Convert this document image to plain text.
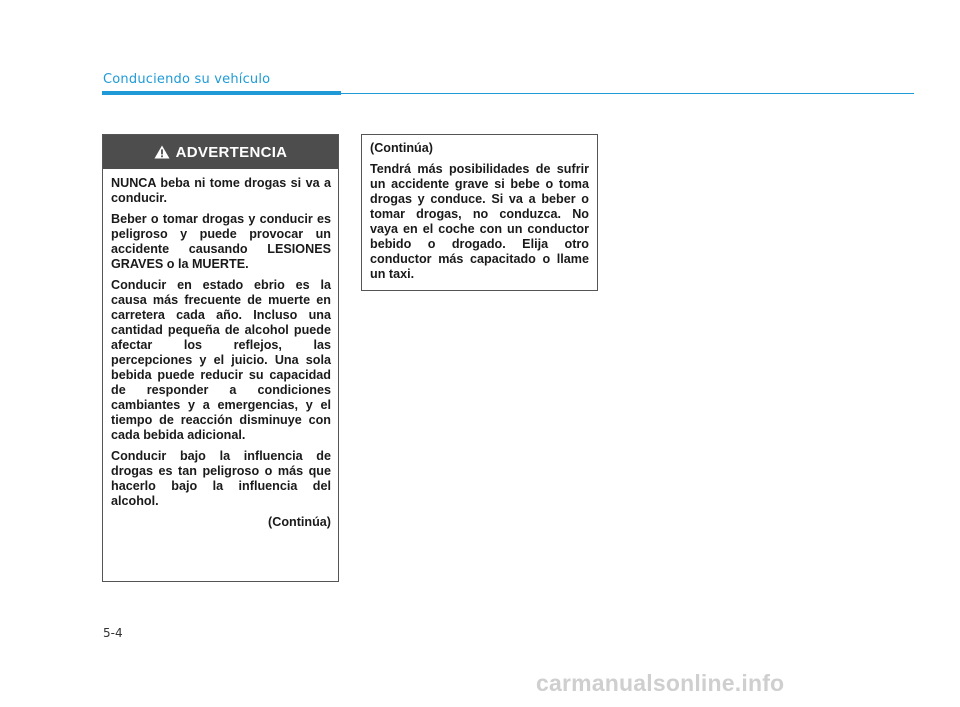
Conduciendo su vehículo
ADVERTENCIA

NUNCA beba ni tome drogas si va a conducir.

Beber o tomar drogas y conducir es peligroso y puede provocar un accidente causando LESIONES GRAVES o la MUERTE.

Conducir en estado ebrio es la causa más frecuente de muerte en carretera cada año. Incluso una cantidad pequeña de alcohol puede afectar los reflejos, las percepciones y el juicio. Una sola bebida puede reducir su capacidad de responder a condiciones cambiantes y a emergencias, y el tiempo de reacción disminuye con cada bebida adicional.

Conducir bajo la influencia de drogas es tan peligroso o más que hacerlo bajo la influencia del alcohol.

(Continúa)

(Continúa)

Tendrá más posibilidades de sufrir un accidente grave si bebe o toma drogas y conduce. Si va a beber o tomar drogas, no conduzca. No vaya en el coche con un conductor bebido o drogado. Elija otro conductor más capacitado o llame un taxi.

5-4
carmanualsonline.info
